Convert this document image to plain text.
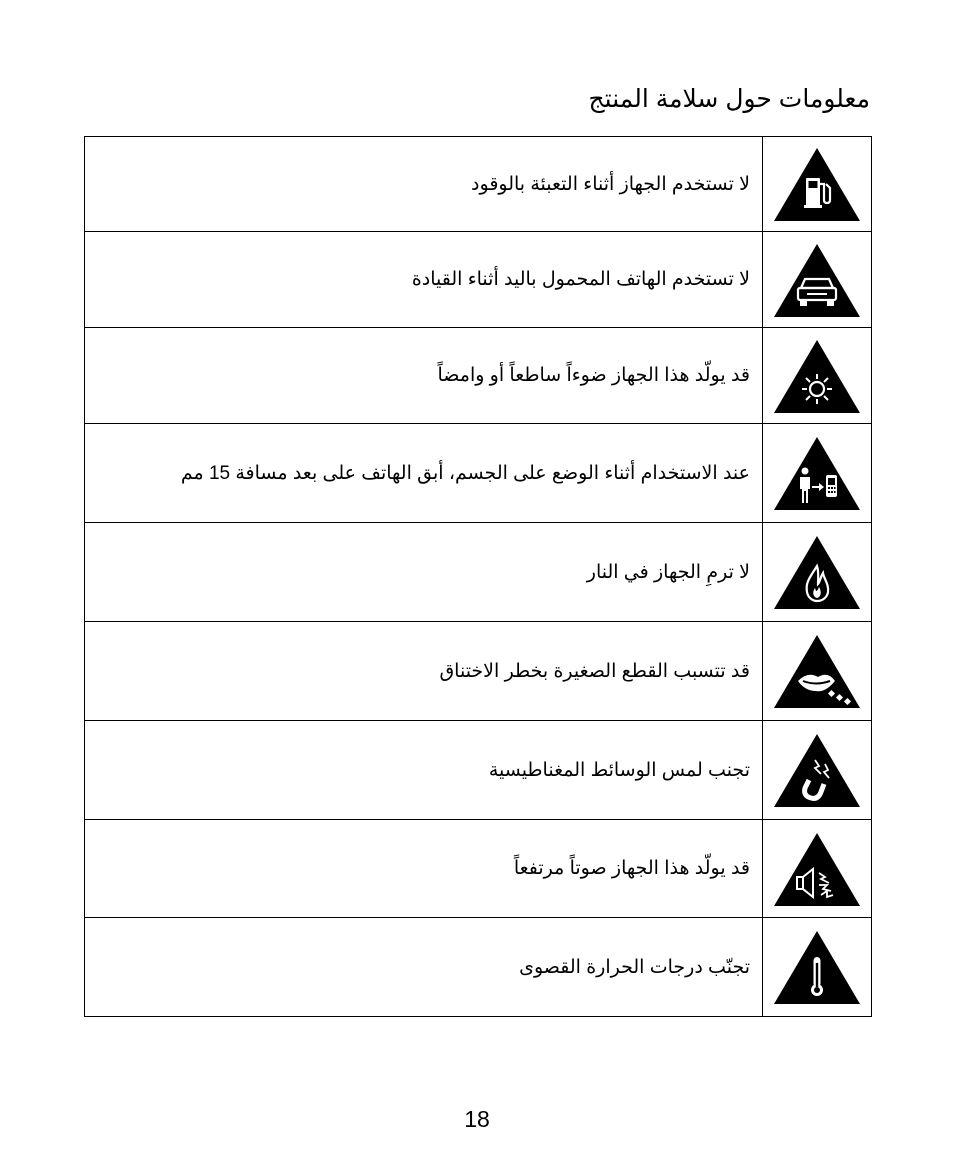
معلومات حول سلامة المنتج
	لا تستخدم الجهاز أثناء التعبئة بالوقود

	لا تستخدم الهاتف المحمول باليد أثناء القيادة

	قد يولّد هذا الجهاز ضوءاً ساطعاً أو وامضاً

	عند الاستخدام أثناء الوضع على الجسم، أبق الهاتف على بعد مسافة 15 مم

	لا ترمِ الجهاز في النار

	قد تتسبب القطع الصغيرة بخطر الاختناق

	تجنب لمس الوسائط المغناطيسية

	قد يولّد هذا الجهاز صوتاً مرتفعاً

	تجنّب درجات الحرارة القصوى
18
